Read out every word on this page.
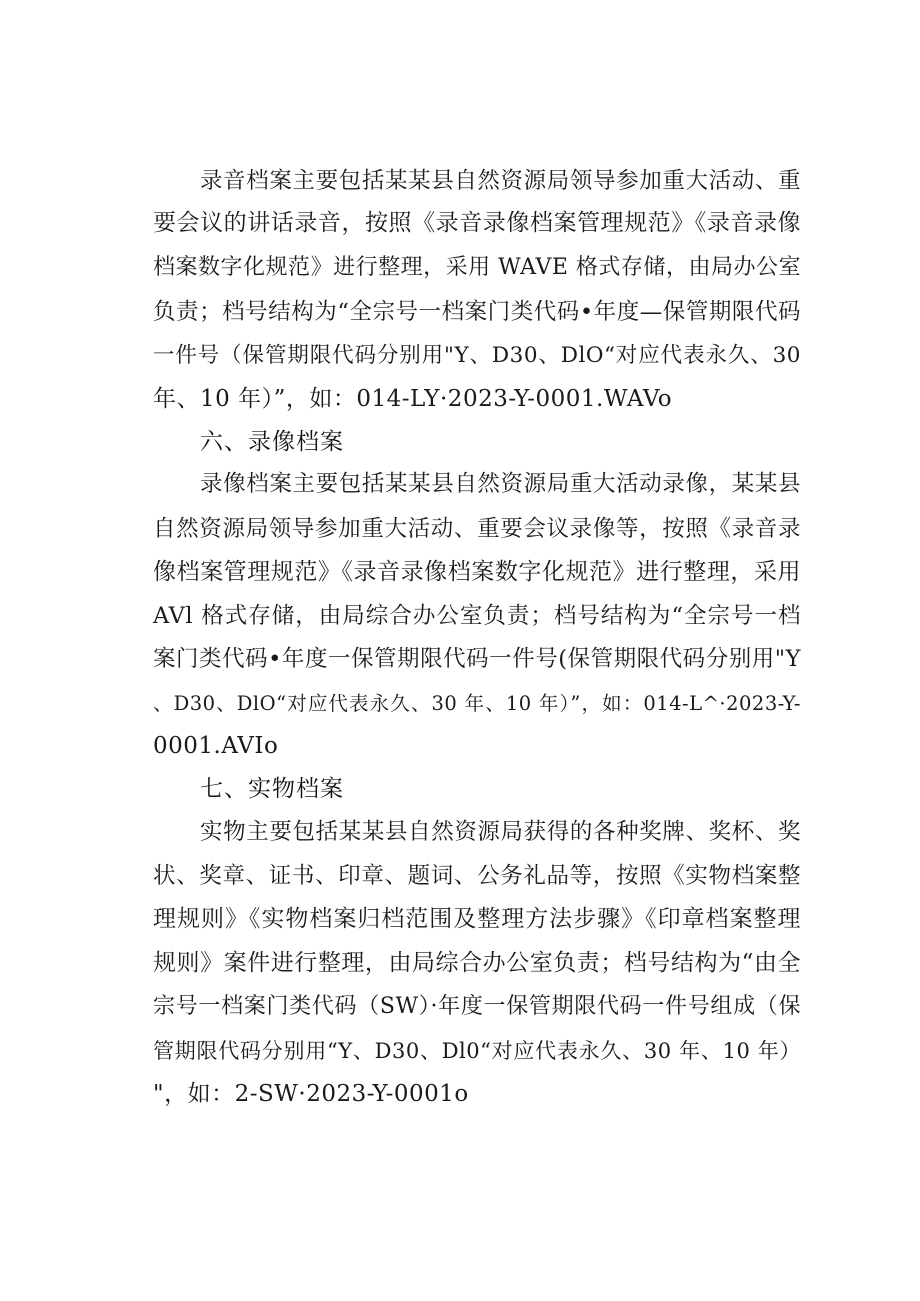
录音档案主要包括某某县自然资源局领导参加重大活动、重
要会议的讲话录音，按照《录音录像档案管理规范》《录音录像
档案数字化规范》进行整理，采用 WAVE 格式存储，由局办公室
负责；档号结构为“全宗号一档案门类代码•年度—保管期限代码
一件号（保管期限代码分别用"Y、D30、DlO“对应代表永久、30
年、10 年）”，如：014-LY·2023-Y-0001.WAVo
六、录像档案
录像档案主要包括某某县自然资源局重大活动录像，某某县
自然资源局领导参加重大活动、重要会议录像等，按照《录音录
像档案管理规范》《录音录像档案数字化规范》进行整理，采用
AVl 格式存储，由局综合办公室负责；档号结构为“全宗号一档
案门类代码•年度一保管期限代码一件号(保管期限代码分别用"Y
、D30、DlO“对应代表永久、30 年、10 年）”，如：014-L^·2023-Y-
0001.AVIo
七、实物档案
实物主要包括某某县自然资源局获得的各种奖牌、奖杯、奖
状、奖章、证书、印章、题词、公务礼品等，按照《实物档案整
理规则》《实物档案归档范围及整理方法步骤》《印章档案整理
规则》案件进行整理，由局综合办公室负责；档号结构为“由全
宗号一档案门类代码（SW）·年度一保管期限代码一件号组成（保
管期限代码分别用“Y、D30、Dl0“对应代表永久、30 年、10 年）
"，如：2-SW·2023-Y-0001o
